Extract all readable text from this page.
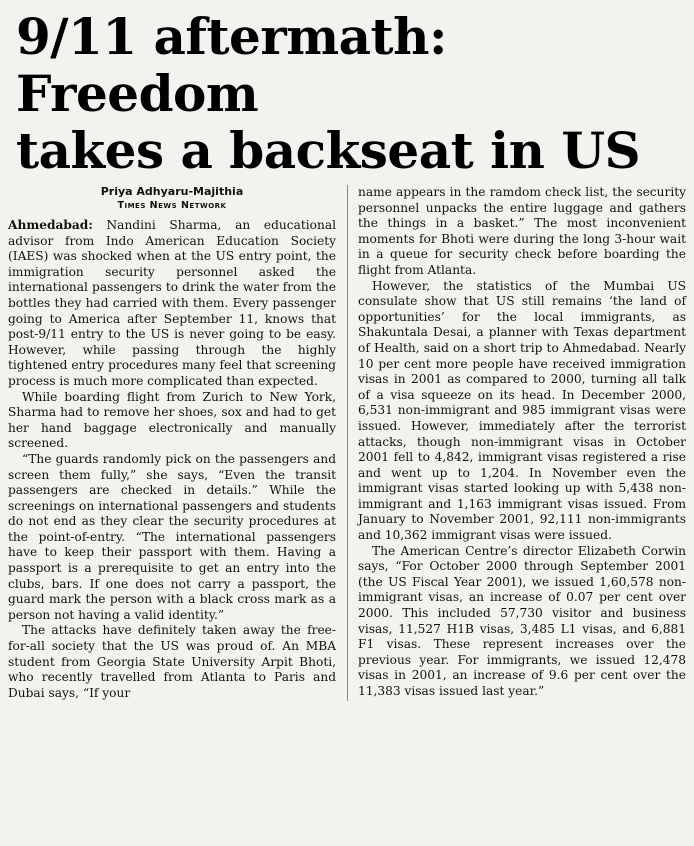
9/11 aftermath: Freedom
takes a backseat in US
Priya Adhyaru-Majithia
Times News Network

Ahmedabad: Nandini Sharma, an educational advisor from Indo American Education Society (IAES) was shocked when at the US entry point, the immigration security personnel asked the international passengers to drink the water from the bottles they had carried with them. Every passenger going to America after September 11, knows that post-9/11 entry to the US is never going to be easy. However, while passing through the highly tightened entry procedures many feel that screening process is much more complicated than expected.

While boarding flight from Zurich to New York, Sharma had to remove her shoes, sox and had to get her hand baggage electronically and manually screened.

“The guards randomly pick on the passengers and screen them fully,” she says, “Even the transit passengers are checked in details.” While the screenings on international passengers and students do not end as they clear the security procedures at the point-of-entry. “The international passengers have to keep their passport with them. Having a passport is a prerequisite to get an entry into the clubs, bars. If one does not carry a passport, the guard mark the person with a black cross mark as a person not having a valid identity.”

The attacks have definitely taken away the free-for-all society that the US was proud of. An MBA student from Georgia State University Arpit Bhoti, who recently travelled from Atlanta to Paris and Dubai says, “If your

name appears in the ramdom check list, the security personnel unpacks the entire luggage and gathers the things in a basket.” The most inconvenient moments for Bhoti were during the long 3-hour wait in a queue for security check before boarding the flight from Atlanta.

However, the statistics of the Mumbai US consulate show that US still remains ‘the land of opportunities’ for the local immigrants, as Shakuntala Desai, a planner with Texas department of Health, said on a short trip to Ahmedabad. Nearly 10 per cent more people have received immigration visas in 2001 as compared to 2000, turning all talk of a visa squeeze on its head. In December 2000, 6,531 non-immigrant and 985 immigrant visas were issued. However, immediately after the terrorist attacks, though non-immigrant visas in October 2001 fell to 4,842, immigrant visas registered a rise and went up to 1,204. In November even the immigrant visas started looking up with 5,438 non-immigrant and 1,163 immigrant visas issued. From January to November 2001, 92,111 non-immigrants and 10,362 immigrant visas were issued.

The American Centre’s director Elizabeth Corwin says, “For October 2000 through September 2001 (the US Fiscal Year 2001), we issued 1,60,578 non-immigrant visas, an increase of 0.07 per cent over 2000. This included 57,730 visitor and business visas, 11,527 H1B visas, 3,485 L1 visas, and 6,881 F1 visas. These represent increases over the previous year. For immigrants, we issued 12,478 visas in 2001, an increase of 9.6 per cent over the 11,383 visas issued last year.”
